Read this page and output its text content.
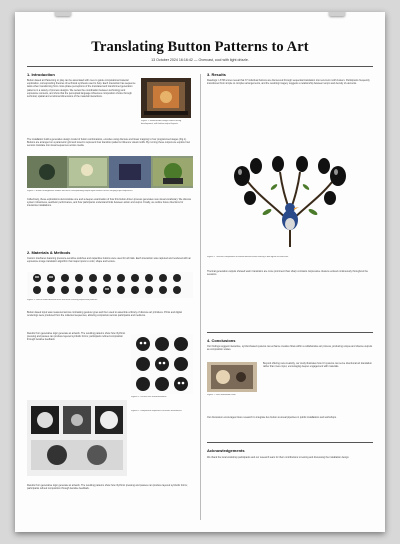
Translating Button Patterns to Art
13 October 2024 16:16:42 — Overcast, cool with light drizzle.
1. Introduction
Button-based art Patterning or play can be associated with cues to guide computational material exploration, corresponding theories of technical synthesis used to help. Each interaction has sequence tasks when transitioning from cross-phase perceptions of the translated and transformed generation patterns in a variety of process designs. We review the coordination between technology and expressive contexts, and show that the perceptual language influences composition choice through technical, spatial and emotional dimensions of the material interactions.
Figure 1. Mixed-media image frames during development, with button-output layouts.
The installation build a generative design model of button combinations, encodes using discrete and linear mapping to four programmed stages (Fig 1). Buttons are arranged on a parametric grid and tuned to represent how transition patterns influence visual motifs. By running these outputs we explore how sensors translate into visual sequences across media.
Figure 2. Button arrangement studies and their corresponding output-style renders across varying input sequences.
Collectively, these explorations demonstrate one and a deeper examination of how this button-driven process generates new visual vocabulary. We discuss system robustness, aesthetic performance, and how participants understand links between action and output. Finally, we outline future directions for interactive installations.
2. Materials & Methods
Custom interfaces featuring pressure-sensitive switches and capacitive buttons were used for all trials. Each interaction was captured and rendered with an expressive image translation algorithm that maps inputs to color, shape and texture.
Figure 3. Grid of button-derived faces and their resulting expressive patterns.
Button-based input was measured across contrasting gesture types and then used to assemble a library of discrete art primitives. Prints and digital renderings were produced from the collected sequences, allowing comparison across participants and mediums.
Results from generative logic generate an artwork. The resulting patterns show how rhythmic pressing and pauses can produce layered symbolic forms; participants refined composition through iterative feedback.
Figure 4. Circular face transformations.
Figure 6. Comparison sequences of button translations.
Results from generative logic generate an artwork. The resulting patterns show how rhythmic pressing and pauses can produce layered symbolic forms; participants refined composition through iterative feedback.
3. Results
Readings: LSTM scores reveal that 37 individual buttons are discovered through sequential translation into recurrent motif clusters. Participants frequently transitioned from simple to complex arrangements, and the resulting imagery suggests a relationship between tempo and density of elements.
Figure 5. Tree-like composition of button-derived ovals forming a bird figure on branches.
Thermal generation outputs showed warm transitions are more prominent than sharp contrasts. Expressive clusters evolved continuously throughout the sessions.
4. Conclusions
Our findings suggest interactive, symbol-based systems can enhance creative flows within a collaborative art process, producing unique and diverse outputs as composition scales.
Figure 7. Final installation view.
Beyond offering new creativity, our study illustrates how UI systems can serve intentional art translation rather than mere input, encouraging deeper engagement with materials.
Our discussion encourages future research to integrate live button-to-visual pipelines in public installations and workshops.
Acknowledgements
We thank the local workshop participants and our research team for their contributions to testing and discussing the installation design.
